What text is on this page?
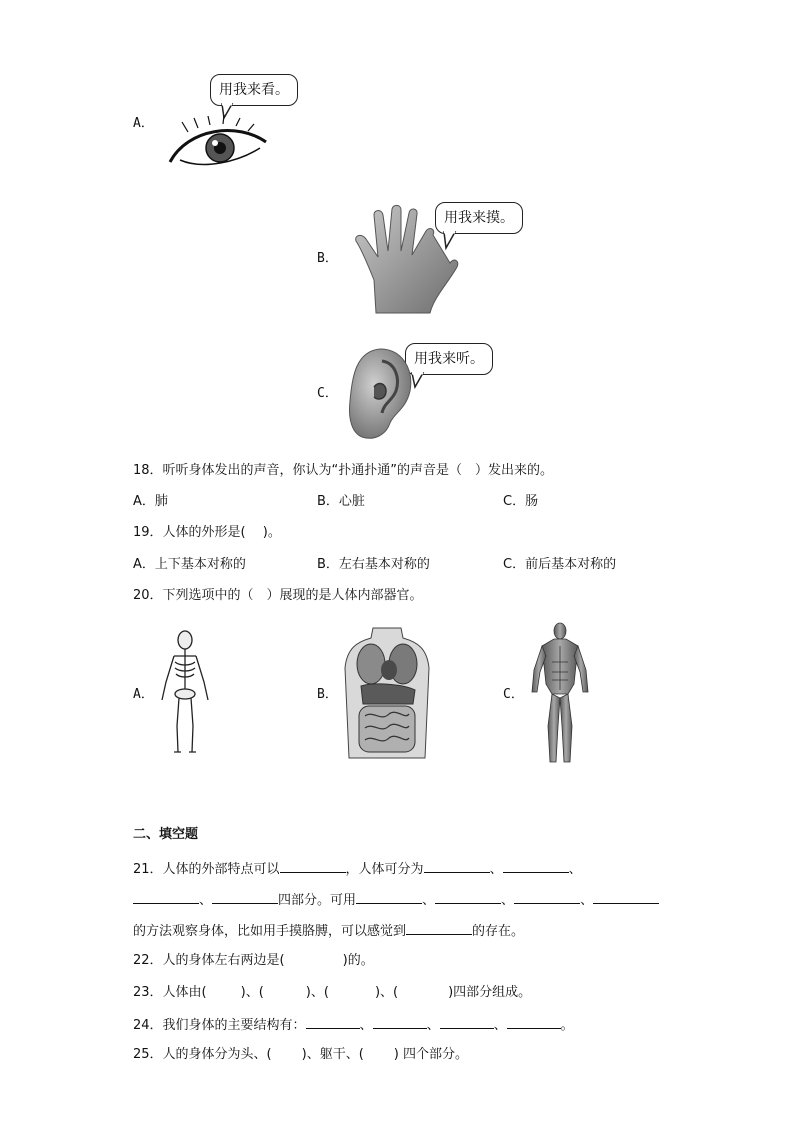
A．
用我来看。
B．
用我来摸。
C．
用我来听。
18．听听身体发出的声音，你认为“扑通扑通”的声音是（　）发出来的。
A．肺	B．心脏	C．肠
19．人体的外形是(　 )。
A．上下基本对称的	B．左右基本对称的	C．前后基本对称的
20．下列选项中的（　）展现的是人体内部器官。
A．	B．	C．
二、填空题
21．人体的外部特点可以	，人体可分为	、	、
、	四部分。可用	、	、	、
的方法观察身体，比如用手摸胳膊，可以感觉到	的存在。
22．人的身体左右两边是(	)的。
23．人体由(	)、(	)、(	)、(	)四部分组成。
24．我们身体的主要结构有：	、	、	、	。
25．人的身体分为头、( )、躯干、( ) 四个部分。
